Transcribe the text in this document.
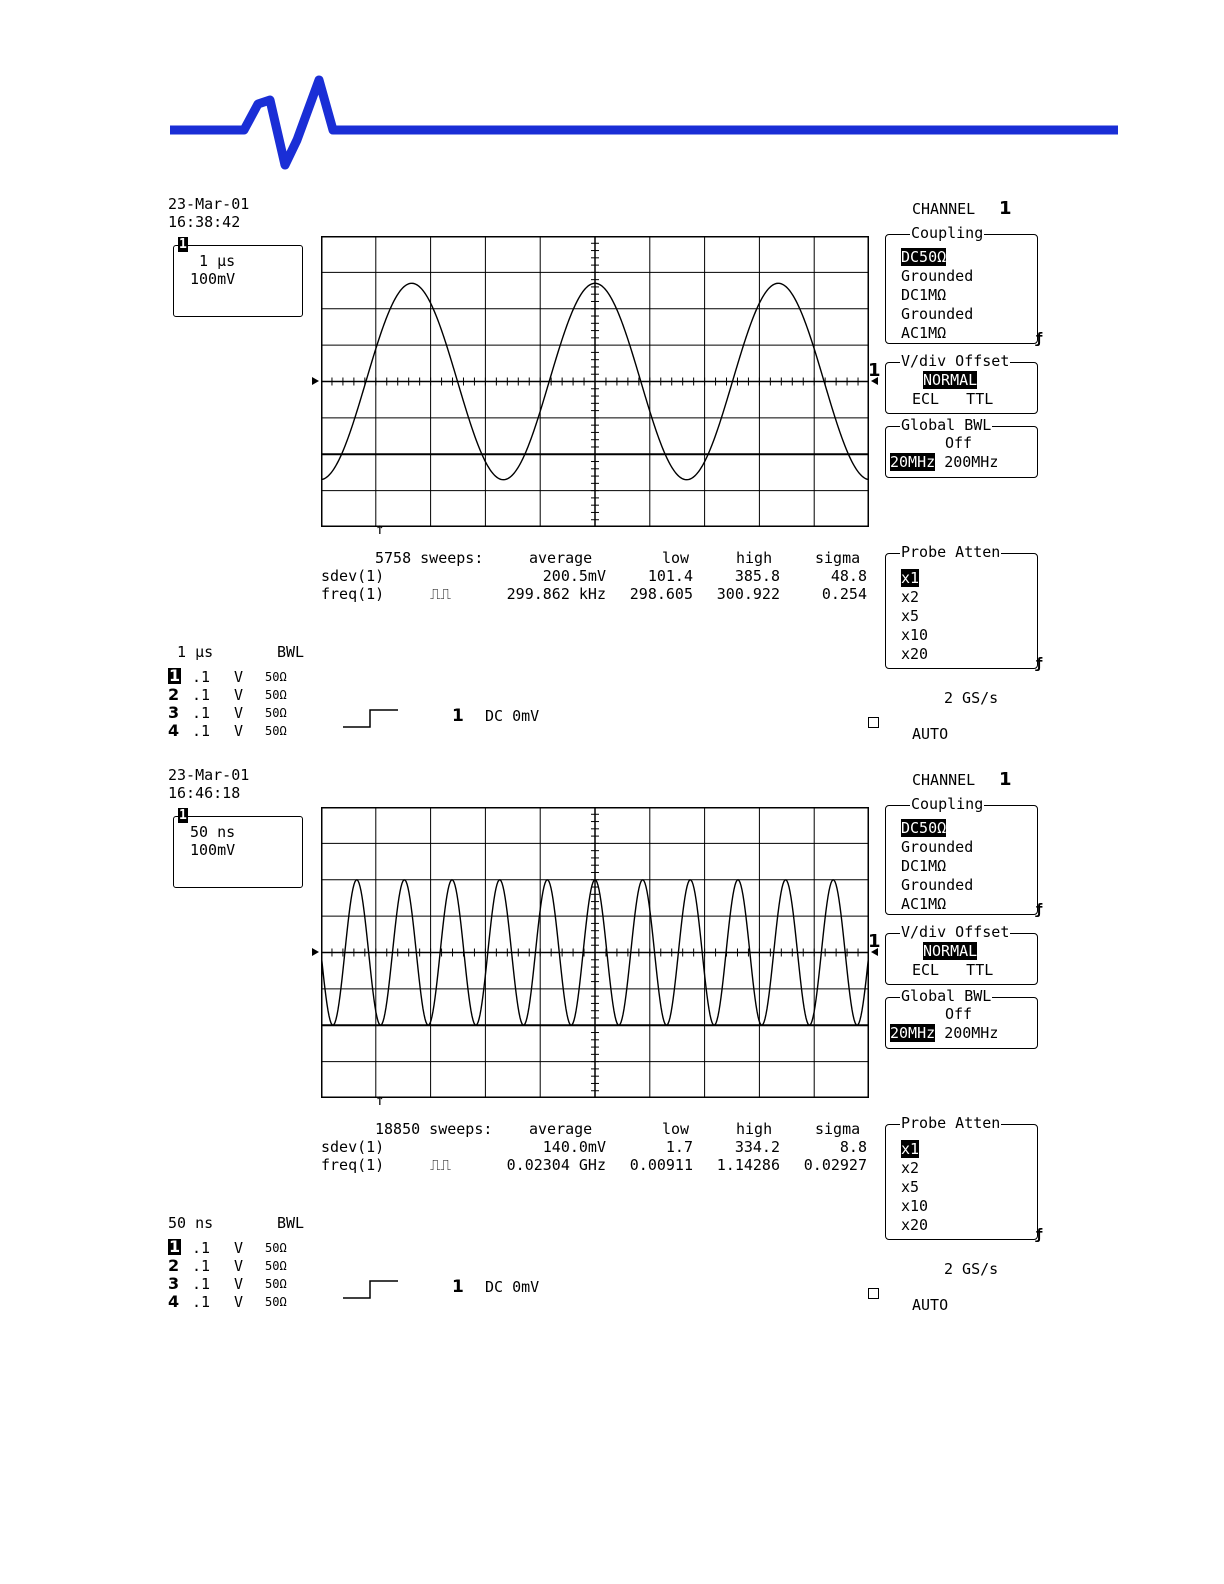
23-Mar-01
16:38:42
1
1 µs
100mV
↑
5758 sweeps:	average	low	high	sigma
sdev(1)	200.5mV	101.4	385.8	48.8
freq(1)	⎍⎍	299.862 kHz	298.605	300.922	0.254
1 µs	BWL
1 .1 V 50Ω
2 .1 V 50Ω
3 .1 V 50Ω
4 .1 V 50Ω
1 DC 0mV
2 GS/s
AUTO
CHANNEL 1
Coupling
DC50Ω
Grounded
DC1MΩ
Grounded
AC1MΩ	ƒ
1 V/div Offset
NORMAL
ECL   TTL
Global BWL
Off
20MHz 200MHz
Probe Atten
x1
x2
x5
x10
x20
ƒ
23-Mar-01
16:46:18
1
50 ns
100mV
↑
18850 sweeps: average	low	high	sigma
sdev(1)	140.0mV	1.7	334.2	8.8
freq(1)	⎍⎍	0.02304 GHz	0.00911	1.14286	0.02927
50 ns	BWL
1 .1 V 50Ω
2 .1 V 50Ω
3 .1 V 50Ω
4 .1 V 50Ω
1 DC 0mV
2 GS/s
AUTO
CHANNEL 1
Coupling
DC50Ω
Grounded
DC1MΩ
Grounded
AC1MΩ	ƒ
1 V/div Offset
NORMAL
ECL   TTL
Global BWL
Off
20MHz 200MHz
Probe Atten
x1
x2
x5
x10
x20
ƒ
